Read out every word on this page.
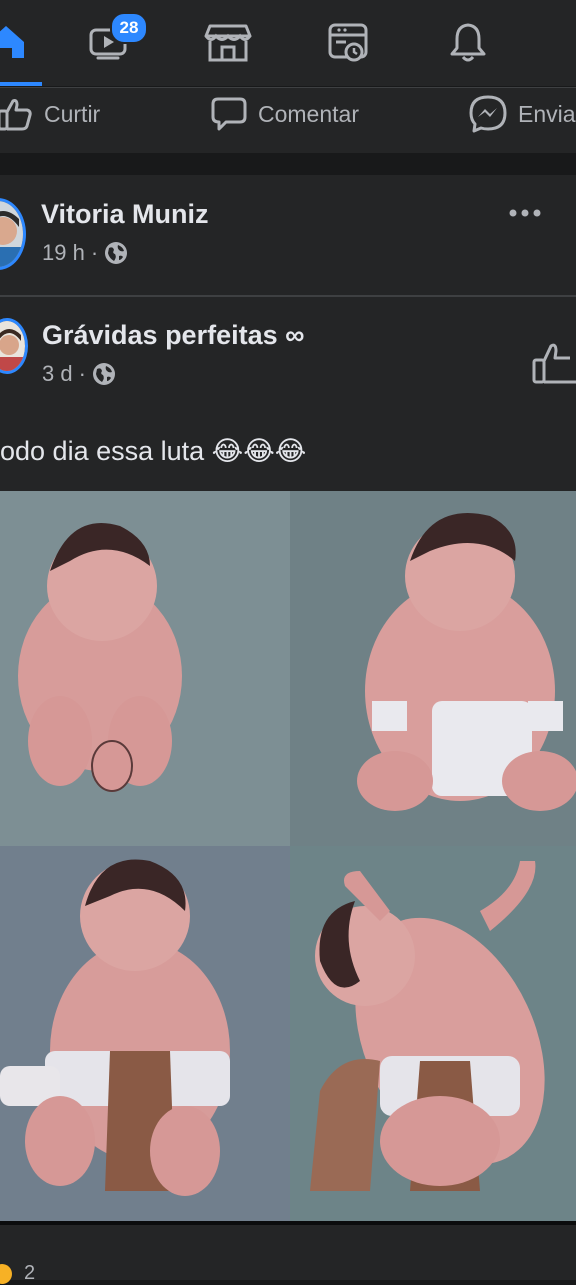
28
Curtir	Comentar	Envia
Vitoria Muniz
19 h ·
Grávidas perfeitas ∞
3 d ·
odo dia essa luta 😂😂😂
2
